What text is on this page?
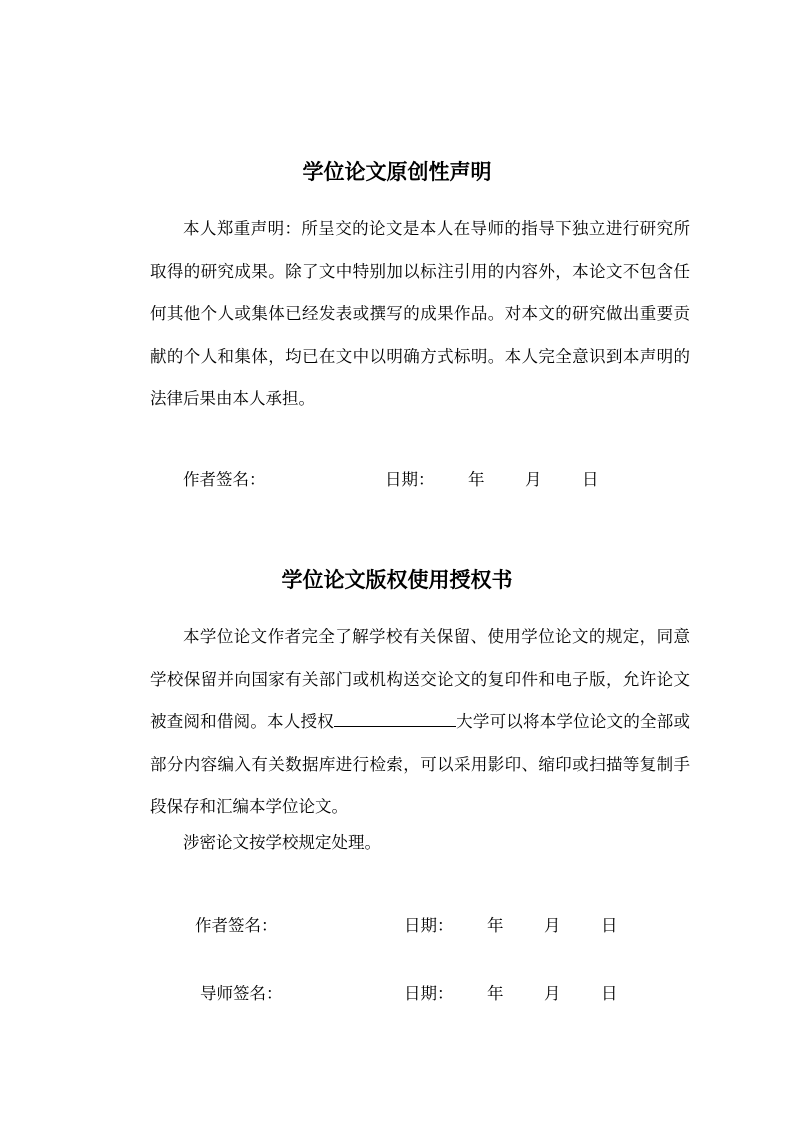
学位论文原创性声明

本人郑重声明：所呈交的论文是本人在导师的指导下独立进行研究所取得的研究成果。除了文中特别加以标注引用的内容外，本论文不包含任何其他个人或集体已经发表或撰写的成果作品。对本文的研究做出重要贡献的个人和集体，均已在文中以明确方式标明。本人完全意识到本声明的法律后果由本人承担。

作者签名：	日期： 年 月 日
学位论文版权使用授权书

本学位论文作者完全了解学校有关保留、使用学位论文的规定，同意学校保留并向国家有关部门或机构送交论文的复印件和电子版，允许论文被查阅和借阅。本人授权	大学可以将本学位论文的全部或部分内容编入有关数据库进行检索，可以采用影印、缩印或扫描等复制手段保存和汇编本学位论文。

涉密论文按学校规定处理。
作者签名：	日期： 年 月 日
导师签名：	日期： 年 月 日
